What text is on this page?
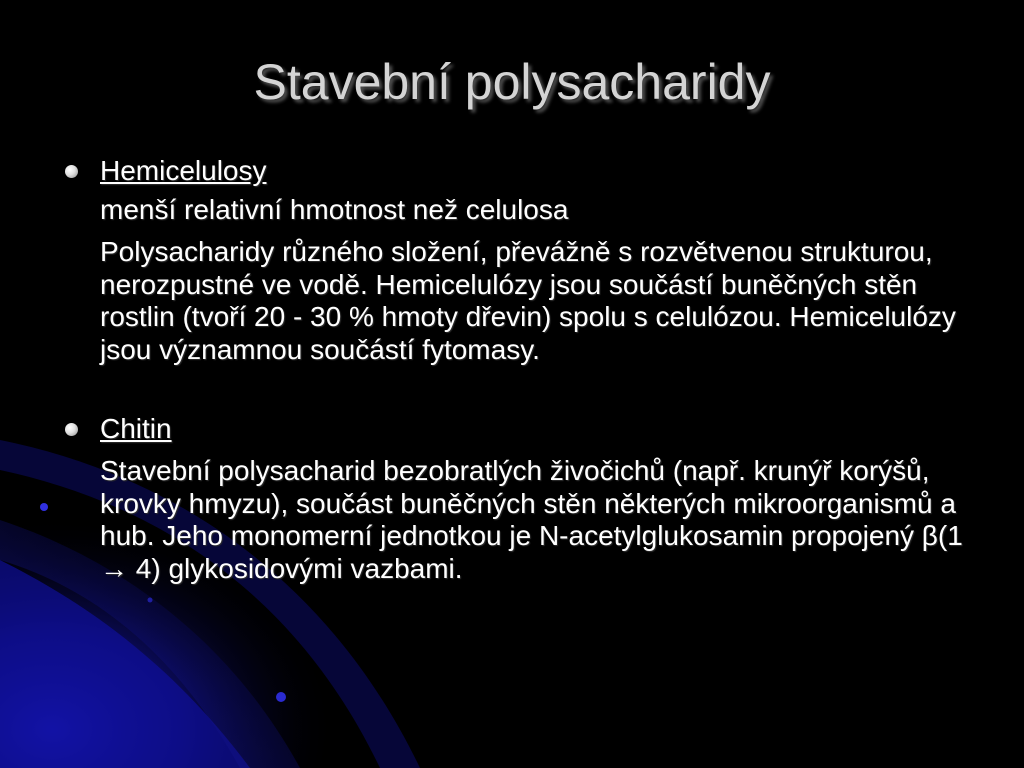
Stavební polysacharidy
Hemicelulosy
menší relativní hmotnost než celulosa
Polysacharidy různého složení, převážně s rozvětvenou strukturou, nerozpustné ve vodě. Hemicelulózy jsou součástí buněčných stěn rostlin (tvoří 20 - 30 % hmoty dřevin) spolu s celulózou. Hemicelulózy jsou významnou součástí fytomasy.
Chitin
Stavební polysacharid bezobratlých živočichů (např. krunýř korýšů, krovky hmyzu), součást buněčných stěn některých mikroorganismů a hub. Jeho monomerní jednotkou je N-acetylglukosamin propojený β(1 → 4) glykosidovými vazbami.
